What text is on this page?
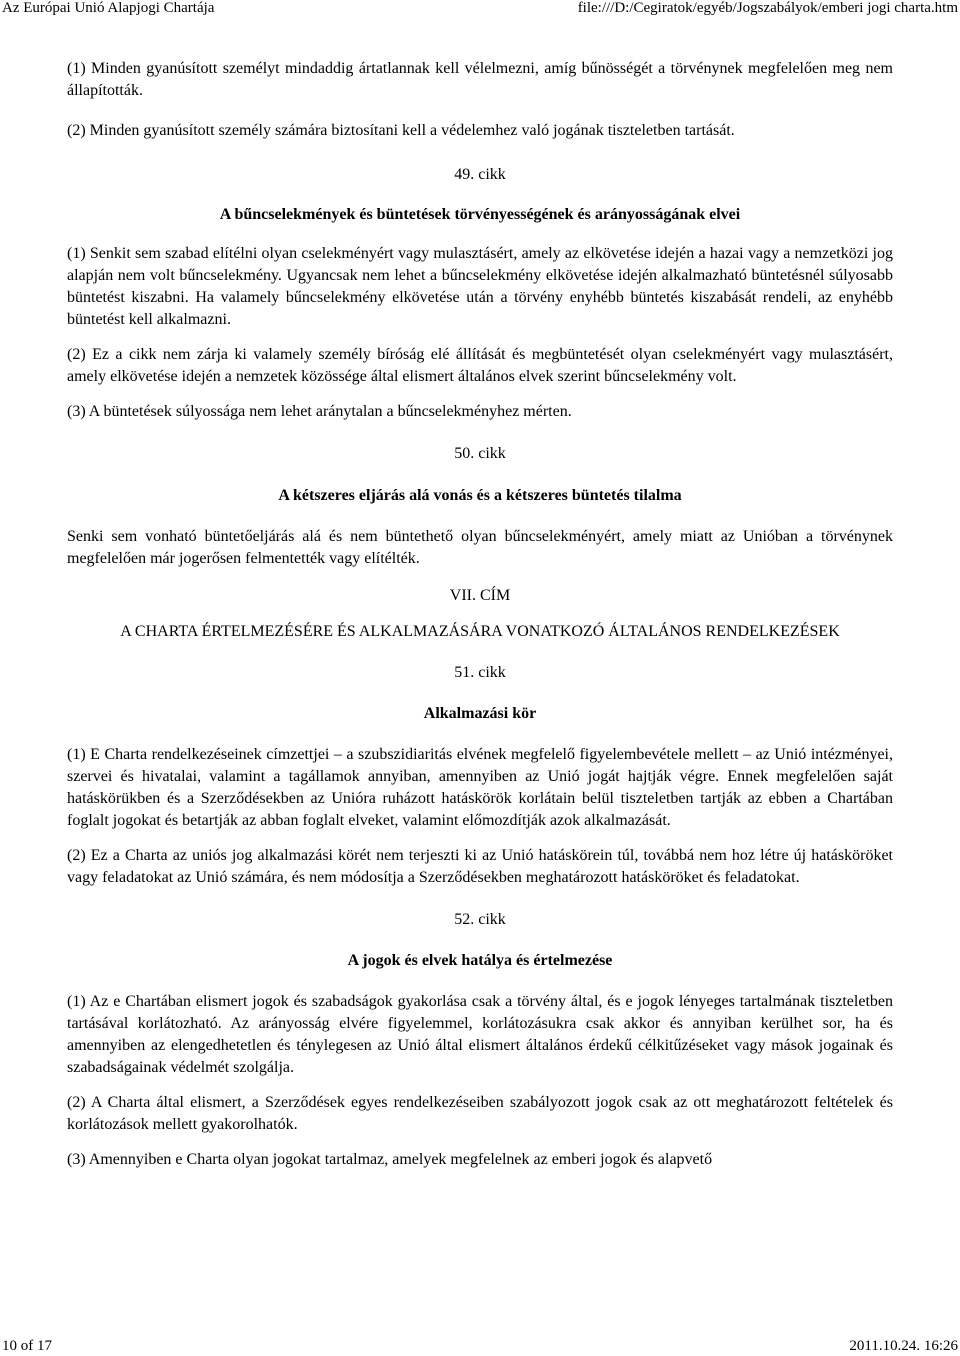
Az Európai Unió Alapjogi Chartája	file:///D:/Cegiratok/egyéb/Jogszabályok/emberi jogi charta.htm

(1) Minden gyanúsított személyt mindaddig ártatlannak kell vélelmezni, amíg bűnösségét a törvénynek megfelelően meg nem állapították.

(2) Minden gyanúsított személy számára biztosítani kell a védelemhez való jogának tiszteletben tartását.

49. cikk

A bűncselekmények és büntetések törvényességének és arányosságának elvei

(1) Senkit sem szabad elítélni olyan cselekményért vagy mulasztásért, amely az elkövetése idején a hazai vagy a nemzetközi jog alapján nem volt bűncselekmény. Ugyancsak nem lehet a bűncselekmény elkövetése idején alkalmazható büntetésnél súlyosabb büntetést kiszabni. Ha valamely bűncselekmény elkövetése után a törvény enyhébb büntetés kiszabását rendeli, az enyhébb büntetést kell alkalmazni.

(2) Ez a cikk nem zárja ki valamely személy bíróság elé állítását és megbüntetését olyan cselekményért vagy mulasztásért, amely elkövetése idején a nemzetek közössége által elismert általános elvek szerint bűncselekmény volt.

(3) A büntetések súlyossága nem lehet aránytalan a bűncselekményhez mérten.

50. cikk

A kétszeres eljárás alá vonás és a kétszeres büntetés tilalma

Senki sem vonható büntetőeljárás alá és nem büntethető olyan bűncselekményért, amely miatt az Unióban a törvénynek megfelelően már jogerősen felmentették vagy elítélték.

VII. CÍM

A CHARTA ÉRTELMEZÉSÉRE ÉS ALKALMAZÁSÁRA VONATKOZÓ ÁLTALÁNOS RENDELKEZÉSEK

51. cikk

Alkalmazási kör

(1) E Charta rendelkezéseinek címzettjei – a szubszidiaritás elvének megfelelő figyelembevétele mellett – az Unió intézményei, szervei és hivatalai, valamint a tagállamok annyiban, amennyiben az Unió jogát hajtják végre. Ennek megfelelően saját hatáskörükben és a Szerződésekben az Unióra ruházott hatáskörök korlátain belül tiszteletben tartják az ebben a Chartában foglalt jogokat és betartják az abban foglalt elveket, valamint előmozdítják azok alkalmazását.

(2) Ez a Charta az uniós jog alkalmazási körét nem terjeszti ki az Unió hatáskörein túl, továbbá nem hoz létre új hatásköröket vagy feladatokat az Unió számára, és nem módosítja a Szerződésekben meghatározott hatásköröket és feladatokat.

52. cikk

A jogok és elvek hatálya és értelmezése

(1) Az e Chartában elismert jogok és szabadságok gyakorlása csak a törvény által, és e jogok lényeges tartalmának tiszteletben tartásával korlátozható. Az arányosság elvére figyelemmel, korlátozásukra csak akkor és annyiban kerülhet sor, ha és amennyiben az elengedhetetlen és ténylegesen az Unió által elismert általános érdekű célkitűzéseket vagy mások jogainak és szabadságainak védelmét szolgálja.

(2) A Charta által elismert, a Szerződések egyes rendelkezéseiben szabályozott jogok csak az ott meghatározott feltételek és korlátozások mellett gyakorolhatók.

(3) Amennyiben e Charta olyan jogokat tartalmaz, amelyek megfelelnek az emberi jogok és alapvető

10 of 17	2011.10.24. 16:26
